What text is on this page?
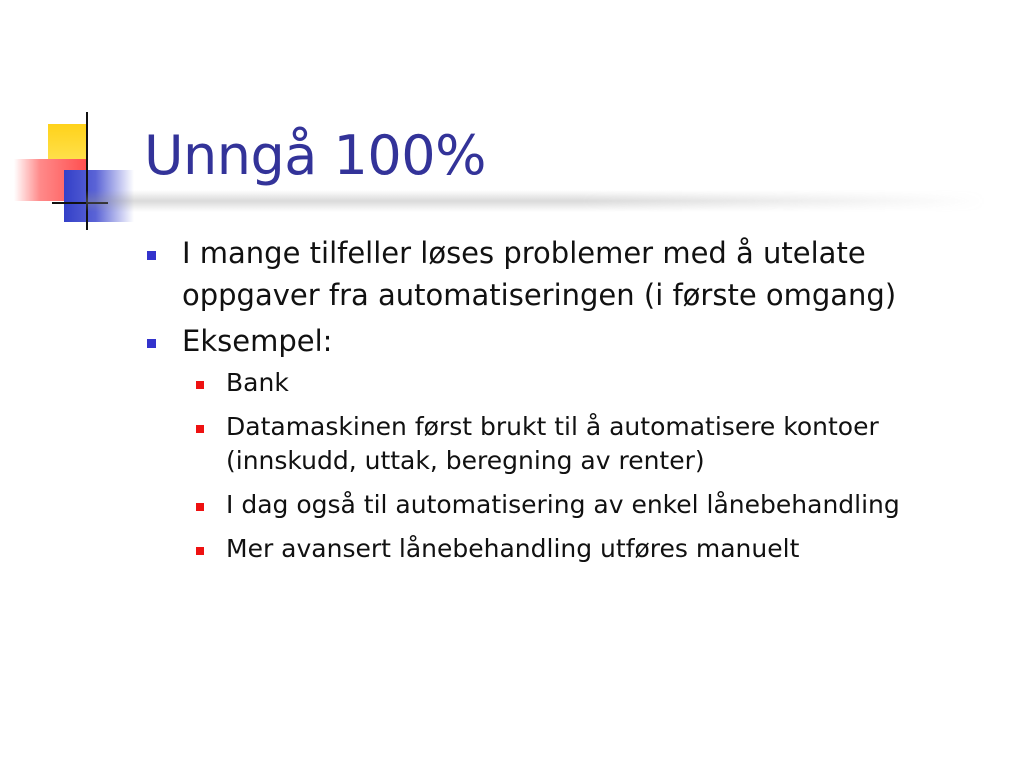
Unngå 100%
I mange tilfeller løses problemer med å utelate oppgaver fra automatiseringen (i første omgang)
Eksempel:
Bank
Datamaskinen først brukt til å automatisere kontoer (innskudd, uttak, beregning av renter)
I dag også til automatisering av enkel lånebehandling
Mer avansert lånebehandling utføres manuelt
